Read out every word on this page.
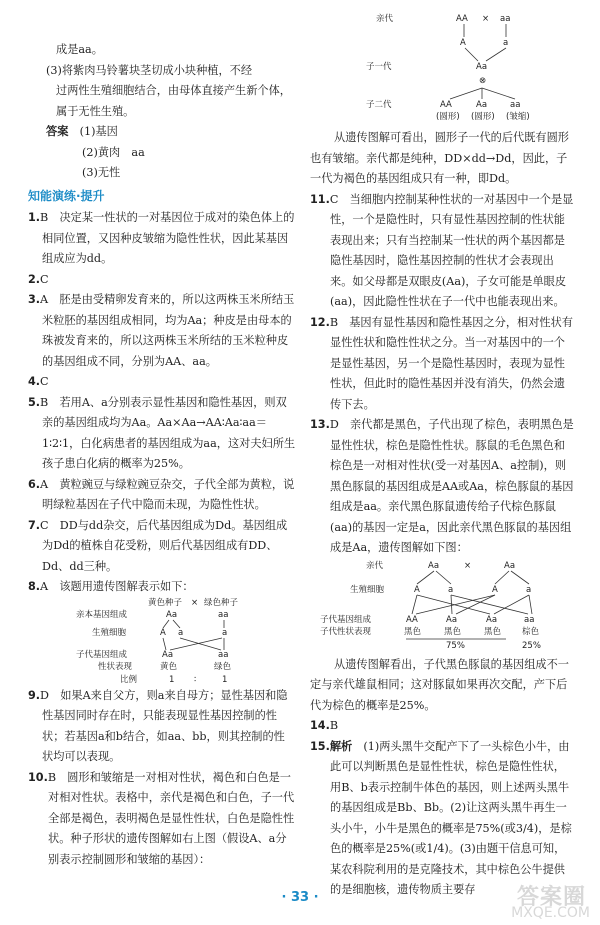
成是aa。

(3)将紫肉马铃薯块茎切成小块种植，不经

过两性生殖细胞结合，由母体直接产生新个体，

属于无性生殖。

答案　 (1)基因

(2)黄肉　aa

(3)无性

知能演练·提升

1.B　决定某一性状的一对基因位于成对的染色体上的相同位置，又因种皮皱缩为隐性性状，因此某基因组成应为dd。

2.C

3.A　胚是由受精卵发育来的，所以这两株玉米所结玉米粒胚的基因组成相同，均为Aa；种皮是由母本的珠被发育来的，所以这两株玉米所结的玉米粒种皮的基因组成不同，分别为AA、aa。

4.C

5.B　若用A、a分别表示显性基因和隐性基因，则双亲的基因组成均为Aa。Aa×Aa→AA∶Aa∶aa＝1∶2∶1，白化病患者的基因组成为aa，这对夫妇所生孩子患白化病的概率为25%。

6.A　黄粒豌豆与绿粒豌豆杂交，子代全部为黄粒，说明绿粒基因在子代中隐而未现，为隐性性状。

7.C　DD与dd杂交，后代基因组成为Dd。基因组成为Dd的植株自花受粉，则后代基因组成有DD、Dd、dd三种。

8.A　该题用遗传图解表示如下：

黄色种子 × 绿色种子
亲本基因组成	Aa	aa
生殖细胞	A a	a
子代基因组成	Aa	aa
性状表现	黄色	绿色
比例	1 ∶	1

9.D　如果A来自父方，则a来自母方；显性基因和隐性基因同时存在时，只能表现显性基因控制的性状；若基因a和b结合，如aa、bb，则其控制的性状均可以表现。

10.B　圆形和皱缩是一对相对性状，褐色和白色是一对相对性状。表格中，亲代是褐色和白色，子一代全部是褐色，表明褐色是显性性状，白色是隐性性状。种子形状的遗传图解如右上图（假设A、a分别表示控制圆形和皱缩的基因）：

亲代	AA × aa
A	a
子一代	Aa
⊗
子二代	AA	Aa	aa
(圆形) (圆形) (皱缩)

从遗传图解可看出，圆形子一代的后代既有圆形也有皱缩。亲代都是纯种，DD×dd→Dd，因此，子一代为褐色的基因组成只有一种，即Dd。

11.C　当细胞内控制某种性状的一对基因中一个是显性，一个是隐性时，只有显性基因控制的性状能表现出来；只有当控制某一性状的两个基因都是隐性基因时，隐性基因控制的性状才会表现出来。如父母都是双眼皮(Aa)，子女可能是单眼皮(aa)，因此隐性性状在子一代中也能表现出来。

12.B　基因有显性基因和隐性基因之分，相对性状有显性性状和隐性性状之分。当一对基因中的一个是显性基因，另一个是隐性基因时，表现为显性性状，但此时的隐性基因并没有消失，仍然会遗传下去。

13.D　亲代都是黑色，子代出现了棕色，表明黑色是显性性状，棕色是隐性性状。豚鼠的毛色黑色和棕色是一对相对性状(受一对基因A、a控制)，则黑色豚鼠的基因组成是AA或Aa，棕色豚鼠的基因组成是aa。亲代黑色豚鼠遗传给子代棕色豚鼠(aa)的基因一定是a，因此亲代黑色豚鼠的基因组成是Aa，遗传图解如下图：

亲代	Aa	×	Aa
生殖细胞	A	a	A	a
子代基因组成
子代性状表现
AA	Aa	Aa	aa
黑色	黑色	黑色 棕色
75%	25%

从遗传图解看出，子代黑色豚鼠的基因组成不一定与亲代雄鼠相同；这对豚鼠如果再次交配，产下后代为棕色的概率是25%。

14.B

15.解析　 (1)两头黑牛交配产下了一头棕色小牛，由此可以判断黑色是显性性状，棕色是隐性性状，用B、b表示控制牛体色的基因，则上述两头黑牛的基因组成是Bb、Bb。(2)让这两头黑牛再生一头小牛，小牛是黑色的概率是75%(或3/4)，是棕色的概率是25%(或1/4)。(3)由题干信息可知，某农科院利用的是克隆技术，其中棕色公牛提供的是细胞核，遗传物质主要存

· 33 ·	答案圈
MXQE.COM
